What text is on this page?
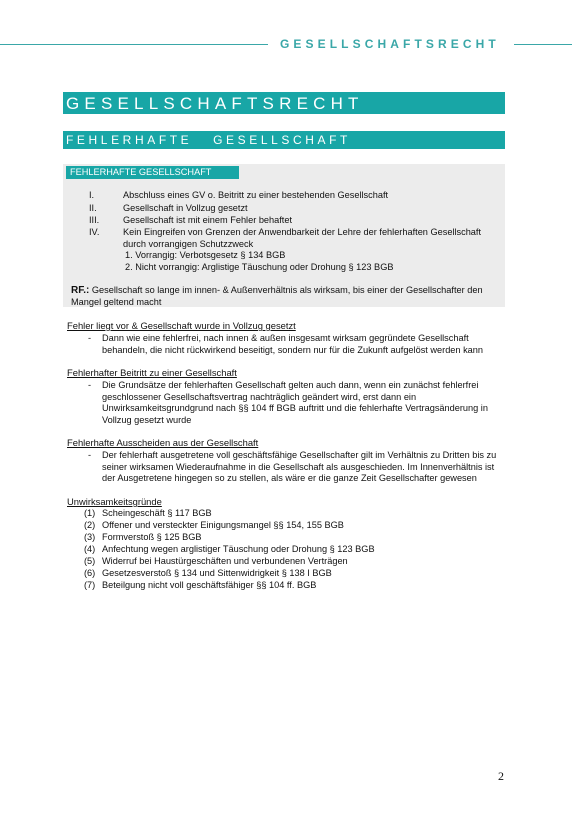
GESELLSCHAFTSRECHT
GESELLSCHAFTSRECHT
FEHLERHAFTE   GESELLSCHAFT
FEHLERHAFTE GESELLSCHAFT
I.	Abschluss eines GV o. Beitritt zu einer bestehenden Gesellschaft
II.	Gesellschaft in Vollzug gesetzt
III.	Gesellschaft ist mit einem Fehler behaftet
IV.	Kein Eingreifen von Grenzen der Anwendbarkeit der Lehre der fehlerhaften Gesellschaft durch vorrangigen Schutzzweck
1. Vorrangig: Verbotsgesetz § 134 BGB
2. Nicht vorrangig: Arglistige Täuschung oder Drohung § 123 BGB
RF.: Gesellschaft so lange im innen- & Außenverhältnis als wirksam, bis einer der Gesellschafter den Mangel geltend macht
Fehler liegt vor & Gesellschaft wurde in Vollzug gesetzt
- Dann wie eine fehlerfrei, nach innen & außen insgesamt wirksam gegründete Gesellschaft behandeln, die nicht rückwirkend beseitigt, sondern nur für die Zukunft aufgelöst werden kann
Fehlerhafter Beitritt zu einer Gesellschaft
- Die Grundsätze der fehlerhaften Gesellschaft gelten auch dann, wenn ein zunächst fehlerfrei geschlossener Gesellschaftsvertrag nachträglich geändert wird, erst dann ein Unwirksamkeitsgrundgrund nach §§ 104 ff BGB auftritt und die fehlerhafte Vertragsänderung in Vollzug gesetzt wurde
Fehlerhafte Ausscheiden aus der Gesellschaft
- Der fehlerhaft ausgetretene voll geschäftsfähige Gesellschafter gilt im Verhältnis zu Dritten bis zu seiner wirksamen Wiederaufnahme in die Gesellschaft als ausgeschieden. Im Innenverhältnis ist der Ausgetretene hingegen so zu stellen, als wäre er die ganze Zeit Gesellschafter gewesen
Unwirksamkeitsgründe
(1) Scheingeschäft § 117 BGB
(2) Offener und versteckter Einigungsmangel §§ 154, 155 BGB
(3) Formverstoß § 125 BGB
(4) Anfechtung wegen arglistiger Täuschung oder Drohung § 123 BGB
(5) Widerruf bei Haustürgeschäften und verbundenen Verträgen
(6) Gesetzesverstoß § 134 und Sittenwidrigkeit § 138 I BGB
(7) Beteilgung nicht voll geschäftsfähiger §§ 104 ff. BGB
2
